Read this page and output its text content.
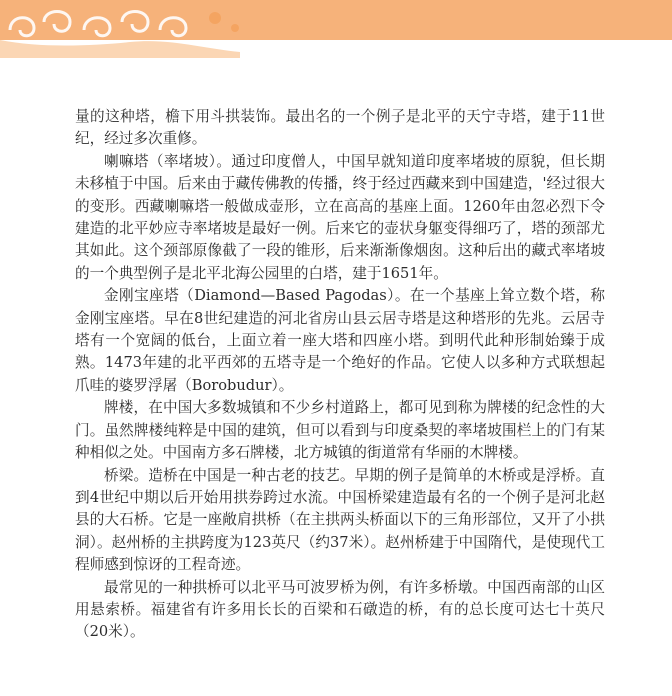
量的这种塔，檐下用斗拱装饰。最出名的一个例子是北平的天宁寺塔，建于11世纪，经过多次重修。

喇嘛塔（率堵坡）。通过印度僧人，中国早就知道印度率堵坡的原貌，但长期未移植于中国。后来由于藏传佛教的传播，终于经过西藏来到中国建造，'经过很大的变形。西藏喇嘛塔一般做成壶形，立在高高的基座上面。1260年由忽必烈下令建造的北平妙应寺率堵坡是最好一例。后来它的壶状身躯变得细巧了，塔的颈部尤其如此。这个颈部原像截了一段的锥形，后来渐渐像烟囱。这种后出的藏式率堵坡的一个典型例子是北平北海公园里的白塔，建于1651年。

金刚宝座塔（Diamond—Based Pagodas）。在一个基座上耸立数个塔，称金刚宝座塔。早在8世纪建造的河北省房山县云居寺塔是这种塔形的先兆。云居寺塔有一个宽阔的低台，上面立着一座大塔和四座小塔。到明代此种形制始臻于成熟。1473年建的北平西郊的五塔寺是一个绝好的作品。它使人以多种方式联想起爪哇的婆罗浮屠（Borobudur）。

牌楼，在中国大多数城镇和不少乡村道路上，都可见到称为牌楼的纪念性的大门。虽然牌楼纯粹是中国的建筑，但可以看到与印度桑契的率堵坡围栏上的门有某种相似之处。中国南方多石牌楼，北方城镇的街道常有华丽的木牌楼。

桥梁。造桥在中国是一种古老的技艺。早期的例子是简单的木桥或是浮桥。直到4世纪中期以后开始用拱券跨过水流。中国桥梁建造最有名的一个例子是河北赵县的大石桥。它是一座敞肩拱桥（在主拱两头桥面以下的三角形部位，又开了小拱洞）。赵州桥的主拱跨度为123英尺（约37米）。赵州桥建于中国隋代，是使现代工程师感到惊讶的工程奇迹。

最常见的一种拱桥可以北平马可波罗桥为例，有许多桥墩。中国西南部的山区用悬索桥。福建省有许多用长长的百梁和石礅造的桥，有的总长度可达七十英尺（20米）。
